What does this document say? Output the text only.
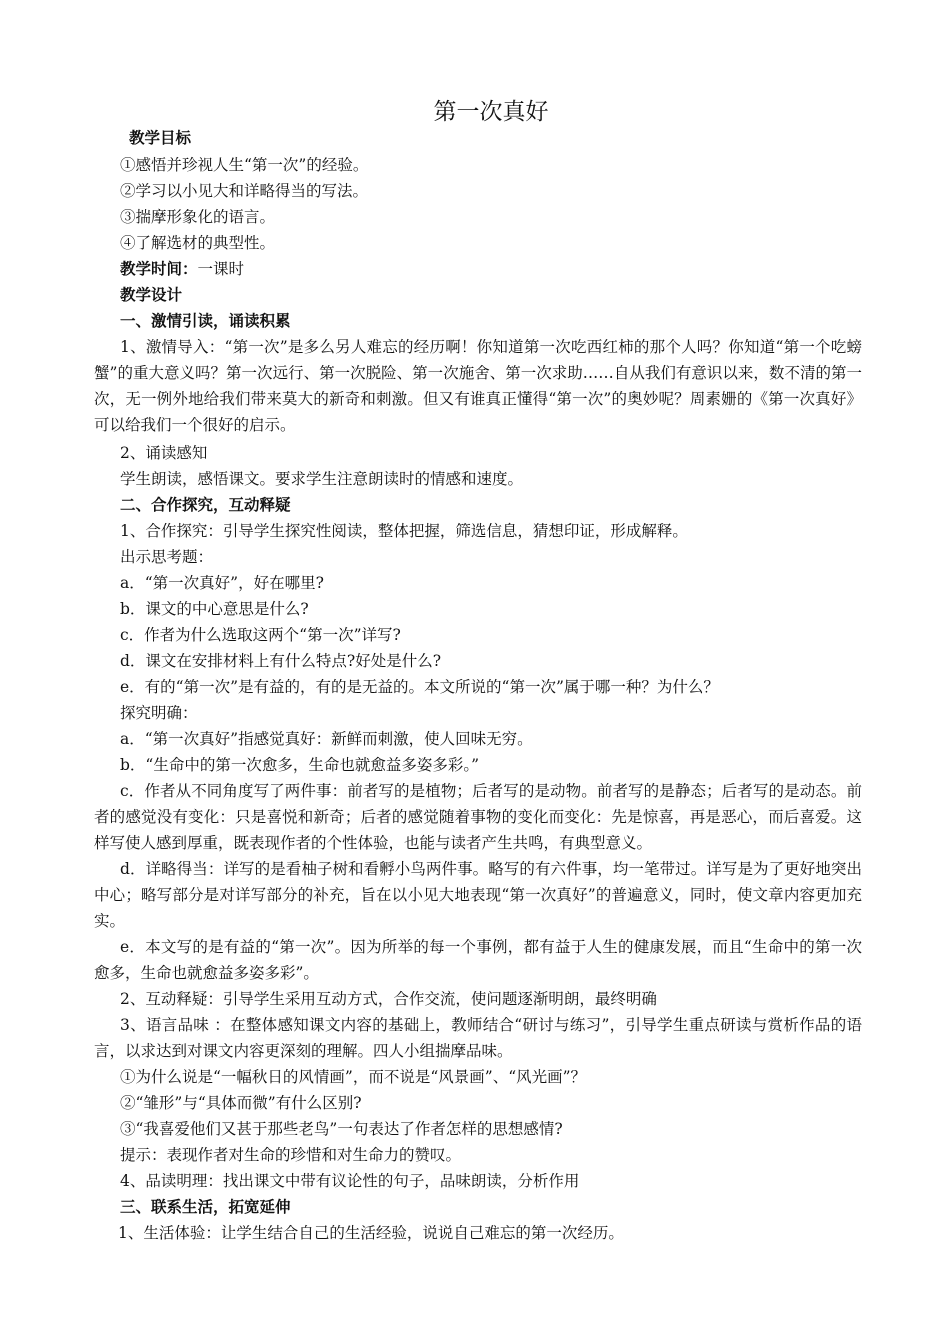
第一次真好

教学目标

①感悟并珍视人生“第一次”的经验。

②学习以小见大和详略得当的写法。

③揣摩形象化的语言。

④了解选材的典型性。

教学时间：一课时

教学设计

一、激情引读，诵读积累

1、激情导入：“第一次”是多么另人难忘的经历啊！你知道第一次吃西红柿的那个人吗？你知道“第一个吃螃蟹”的重大意义吗？第一次远行、第一次脱险、第一次施舍、第一次求助……自从我们有意识以来，数不清的第一次，无一例外地给我们带来莫大的新奇和刺激。但又有谁真正懂得“第一次”的奥妙呢？周素姗的《第一次真好》可以给我们一个很好的启示。

2、诵读感知

学生朗读，感悟课文。要求学生注意朗读时的情感和速度。

二、合作探究，互动释疑

1、合作探究：引导学生探究性阅读，整体把握，筛选信息，猜想印证，形成解释。

出示思考题：

a．“第一次真好”，好在哪里?

b．课文的中心意思是什么?

c．作者为什么选取这两个“第一次”详写?

d．课文在安排材料上有什么特点?好处是什么?

e．有的“第一次”是有益的，有的是无益的。本文所说的“第一次”属于哪一种？为什么？

探究明确：

a．“第一次真好”指感觉真好：新鲜而刺激，使人回味无穷。

b．“生命中的第一次愈多，生命也就愈益多姿多彩。”

c．作者从不同角度写了两件事：前者写的是植物；后者写的是动物。前者写的是静态；后者写的是动态。前者的感觉没有变化：只是喜悦和新奇；后者的感觉随着事物的变化而变化：先是惊喜，再是恶心，而后喜爱。这样写使人感到厚重，既表现作者的个性体验，也能与读者产生共鸣，有典型意义。

d．详略得当：详写的是看柚子树和看孵小鸟两件事。略写的有六件事，均一笔带过。详写是为了更好地突出中心；略写部分是对详写部分的补充，旨在以小见大地表现“第一次真好”的普遍意义，同时，使文章内容更加充实。

e．本文写的是有益的“第一次”。因为所举的每一个事例，都有益于人生的健康发展，而且“生命中的第一次愈多，生命也就愈益多姿多彩”。

2、互动释疑：引导学生采用互动方式，合作交流，使问题逐渐明朗，最终明确

3、语言品味 ：在整体感知课文内容的基础上，教师结合“研讨与练习”，引导学生重点研读与赏析作品的语言，以求达到对课文内容更深刻的理解。四人小组揣摩品味。

①为什么说是“一幅秋日的风情画”，而不说是“风景画”、“风光画”？

②“雏形”与“具体而微”有什么区别?

③“我喜爱他们又甚于那些老鸟”一句表达了作者怎样的思想感情?

提示：表现作者对生命的珍惜和对生命力的赞叹。

4、品读明理：找出课文中带有议论性的句子，品味朗读，分析作用

三、联系生活，拓宽延伸

1、生活体验：让学生结合自己的生活经验，说说自己难忘的第一次经历。
